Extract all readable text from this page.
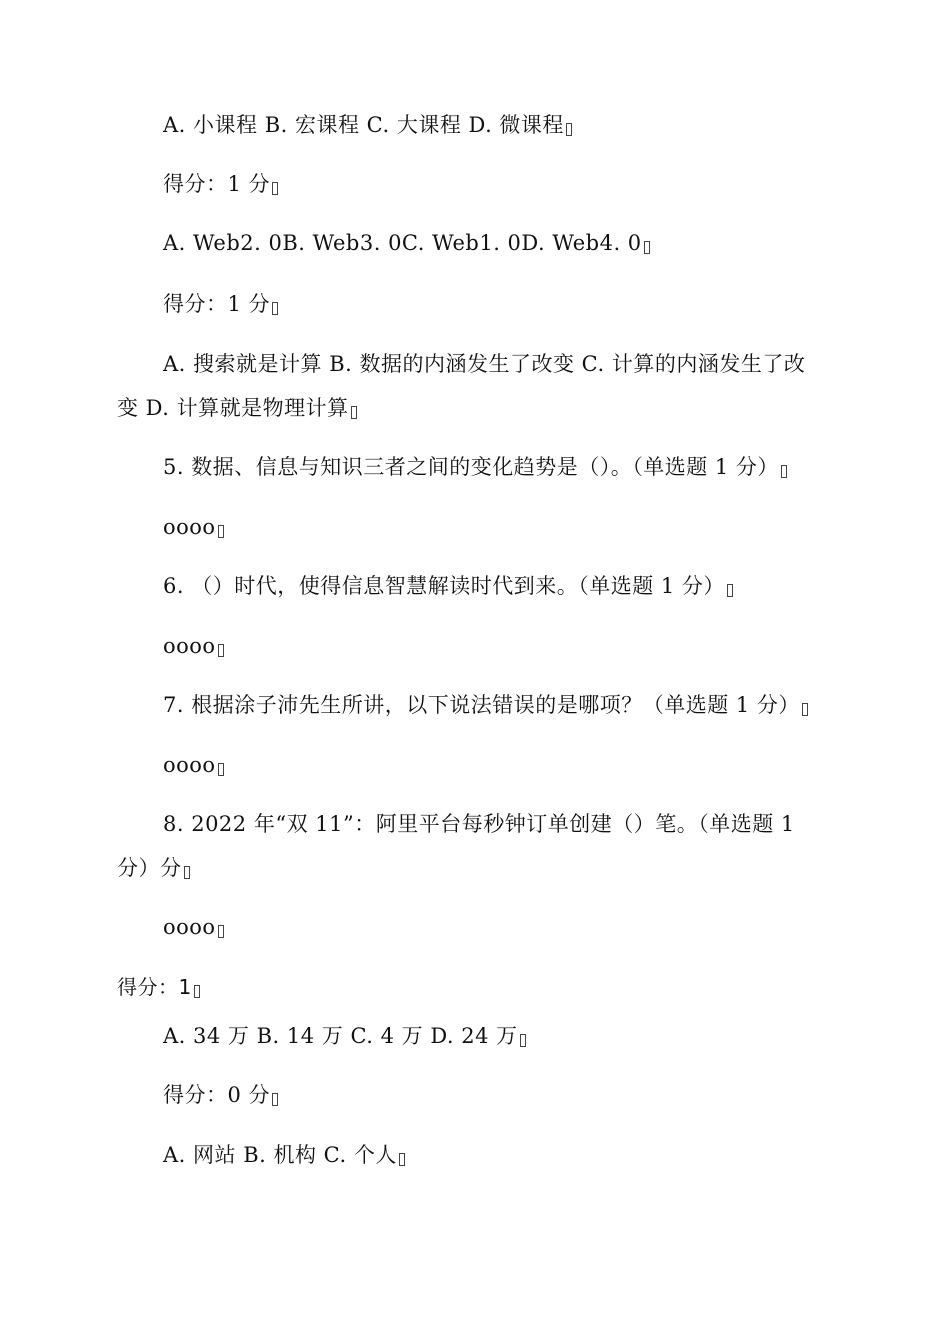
A. 小课程 B. 宏课程 C. 大课程 D. 微课程
得分：1 分
A. Web2. 0B. Web3. 0C. Web1. 0D. Web4. 0
得分：1 分
A. 搜索就是计算 B. 数据的内涵发生了改变 C. 计算的内涵发生了改变 D. 计算就是物理计算
5. 数据、信息与知识三者之间的变化趋势是（）。（单选题 1 分）
oooo
6. （）时代，使得信息智慧解读时代到来。（单选题 1 分）
oooo
7. 根据涂子沛先生所讲，以下说法错误的是哪项？（单选题 1 分）
oooo
8. 2022 年“双 11”：阿里平台每秒钟订单创建（）笔。（单选题 1 分）分
oooo
得分：1
A. 34 万 B. 14 万 C. 4 万 D. 24 万
得分：0 分
A. 网站 B. 机构 C. 个人
